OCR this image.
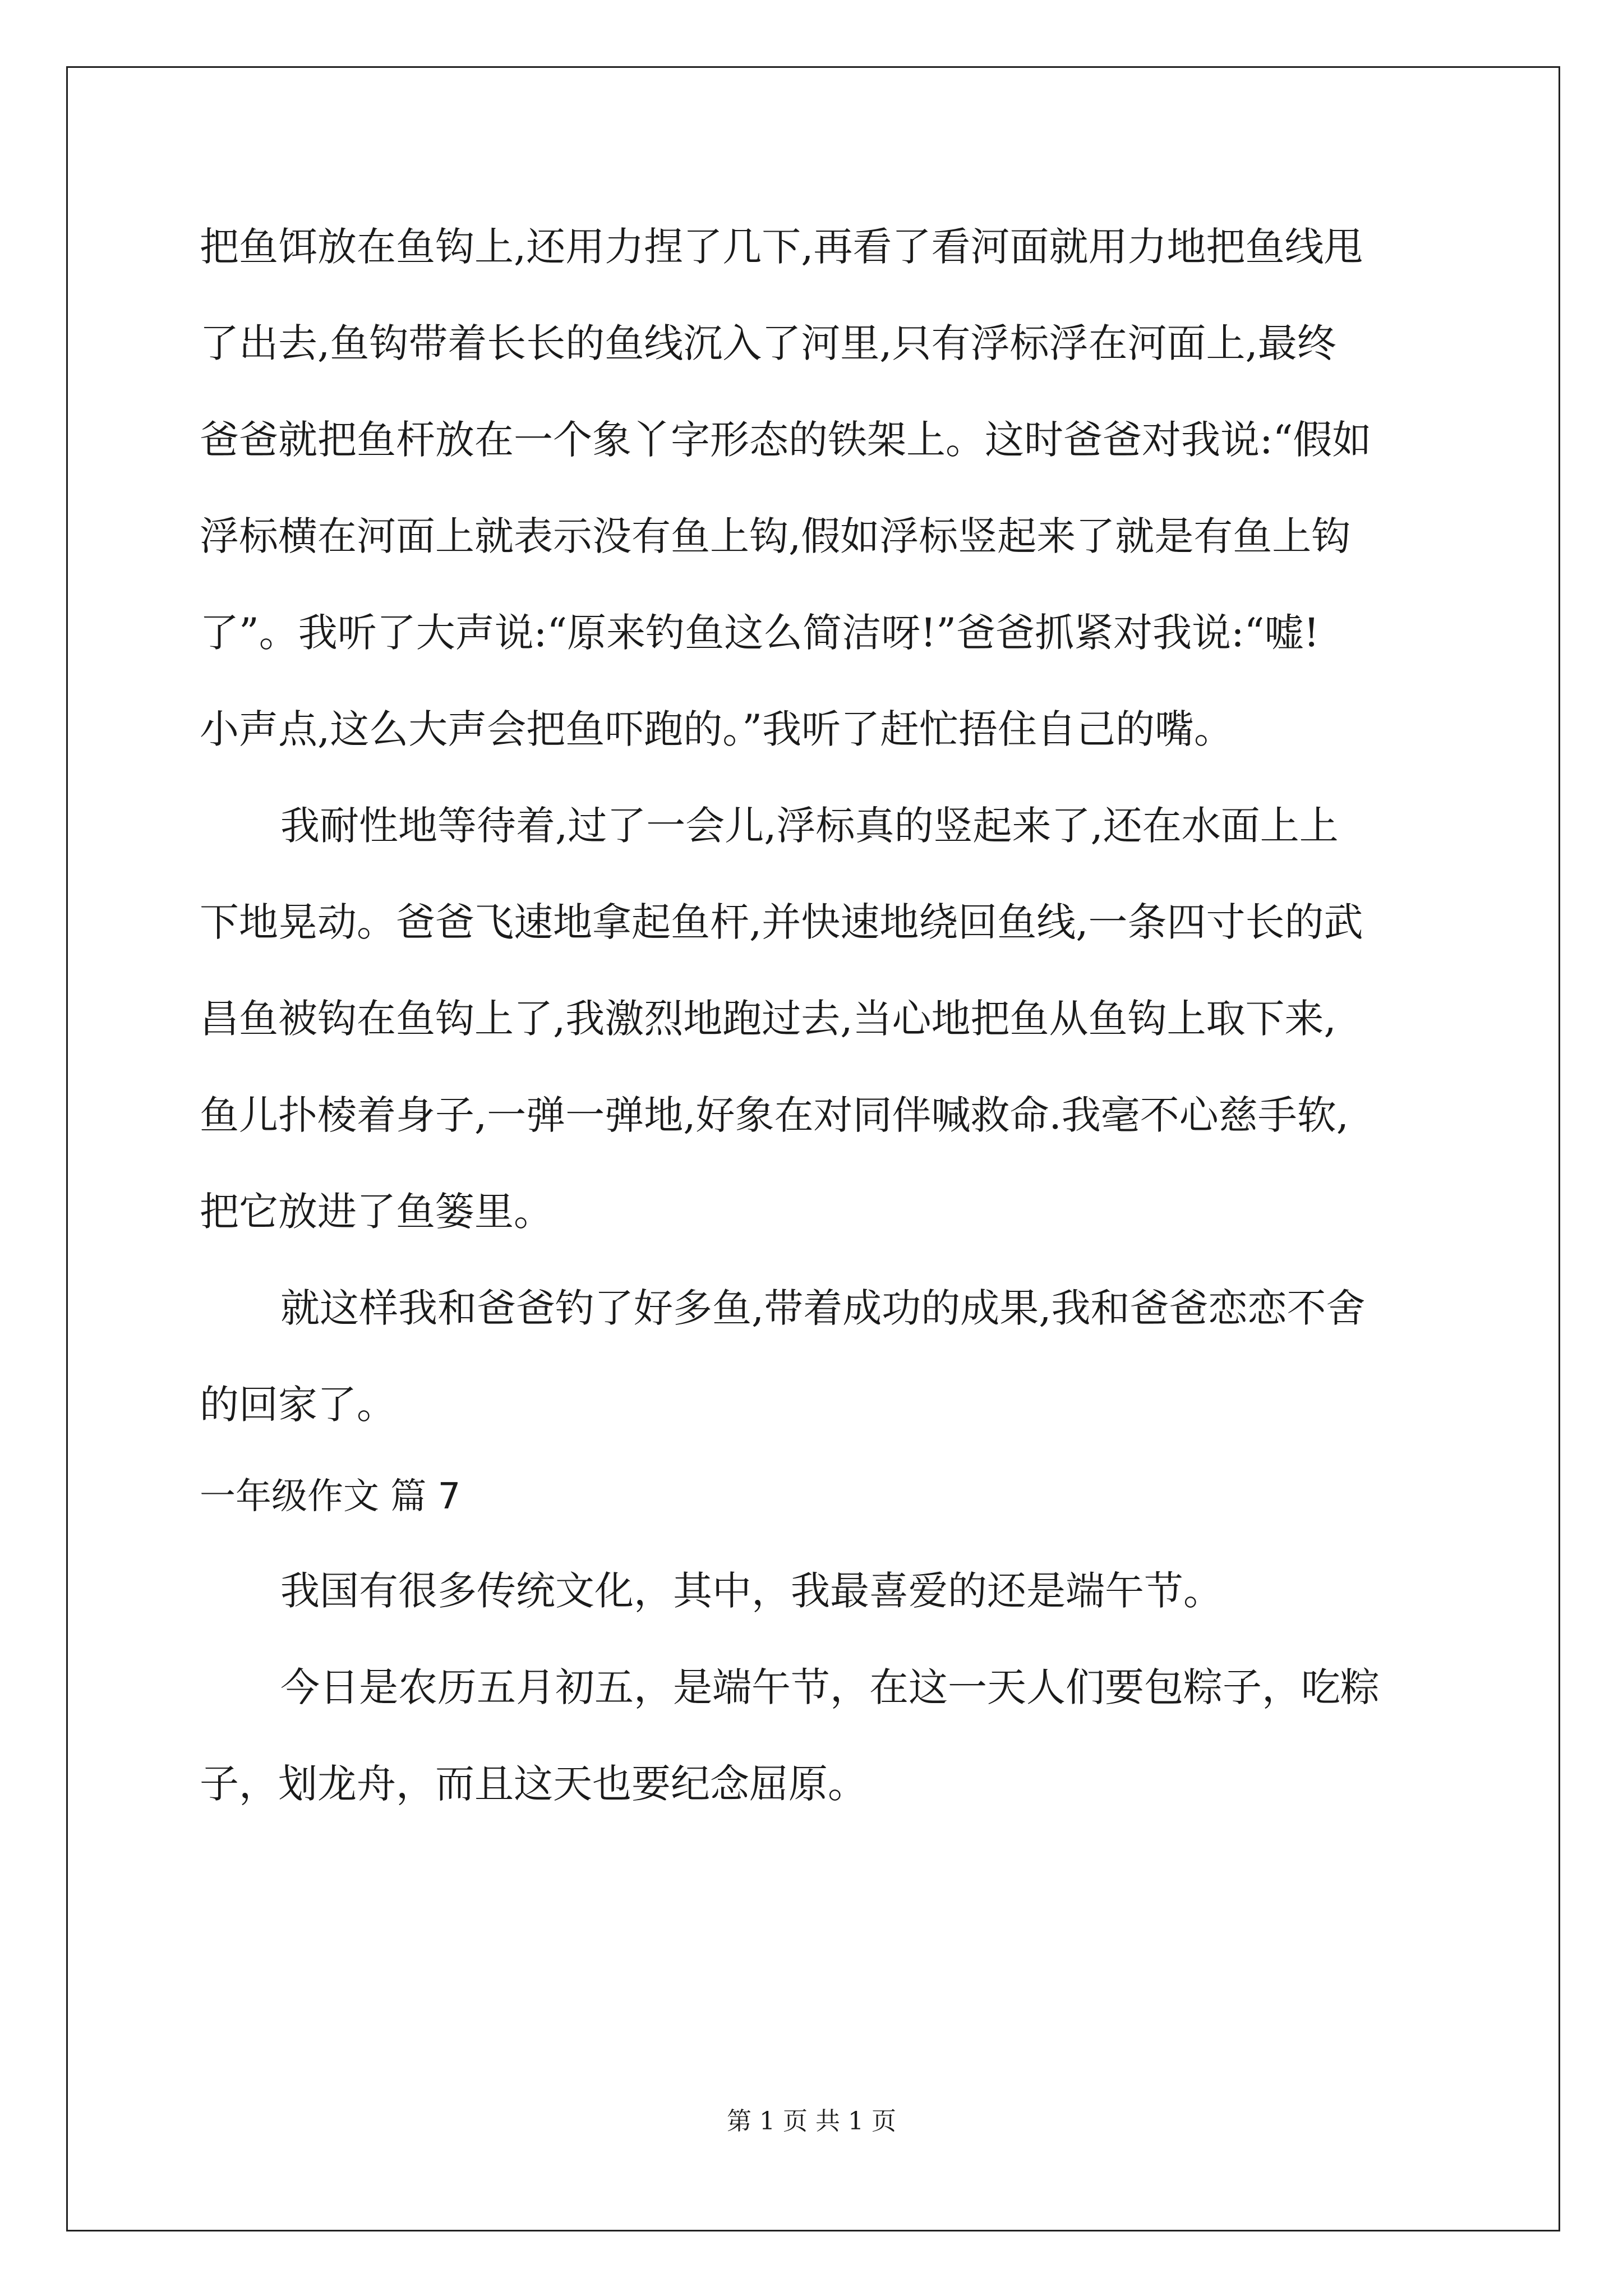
把鱼饵放在鱼钩上,还用力捏了几下,再看了看河面就用力地把鱼线甩
了出去,鱼钩带着长长的鱼线沉入了河里,只有浮标浮在河面上,最终
爸爸就把鱼杆放在一个象丫字形态的铁架上。这时爸爸对我说:“假如
浮标横在河面上就表示没有鱼上钩,假如浮标竖起来了就是有鱼上钩
了”。我听了大声说:“原来钓鱼这么简洁呀!”爸爸抓紧对我说:“嘘!
小声点,这么大声会把鱼吓跑的。”我听了赶忙捂住自己的嘴。
我耐性地等待着,过了一会儿,浮标真的竖起来了,还在水面上上
下地晃动。爸爸飞速地拿起鱼杆,并快速地绕回鱼线,一条四寸长的武
昌鱼被钩在鱼钩上了,我激烈地跑过去,当心地把鱼从鱼钩上取下来,
鱼儿扑棱着身子,一弹一弹地,好象在对同伴喊救命.我毫不心慈手软,
把它放进了鱼篓里。
就这样我和爸爸钓了好多鱼,带着成功的成果,我和爸爸恋恋不舍
的回家了。
一年级作文 篇 7
我国有很多传统文化，其中，我最喜爱的还是端午节。
今日是农历五月初五，是端午节，在这一天人们要包粽子，吃粽
子，划龙舟，而且这天也要纪念屈原。
第 1 页 共 1 页
